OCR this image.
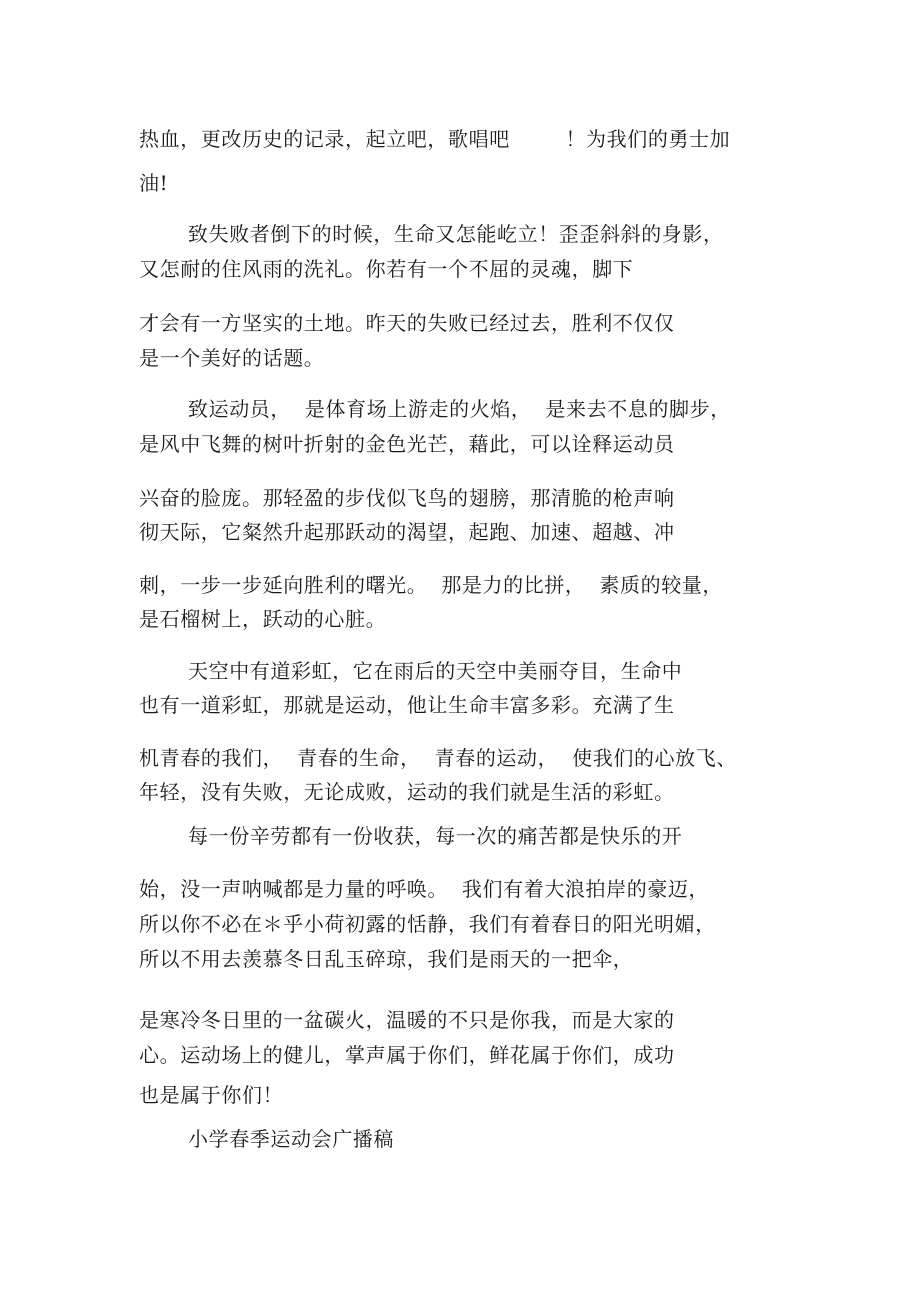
热血，更改历史的记录，起立吧，歌唱吧        ！为我们的勇士加
油!
致失败者倒下的时候，生命又怎能屹立！歪歪斜斜的身影，
又怎耐的住风雨的洗礼。你若有一个不屈的灵魂，脚下
才会有一方坚实的土地。昨天的失败已经过去，胜利不仅仅
是一个美好的话题。
致运动员，  是体育场上游走的火焰，  是来去不息的脚步，
是风中飞舞的树叶折射的金色光芒，藉此，可以诠释运动员
兴奋的脸庞。那轻盈的步伐似飞鸟的翅膀，那清脆的枪声响
彻天际，它粲然升起那跃动的渴望，起跑、加速、超越、冲
刺，一步一步延向胜利的曙光。  那是力的比拼，  素质的较量，
是石榴树上，跃动的心脏。
天空中有道彩虹，它在雨后的天空中美丽夺目，生命中
也有一道彩虹，那就是运动，他让生命丰富多彩。充满了生
机青春的我们，  青春的生命，  青春的运动，  使我们的心放飞、
年轻，没有失败，无论成败，运动的我们就是生活的彩虹。
每一份辛劳都有一份收获，每一次的痛苦都是快乐的开
始，没一声呐喊都是力量的呼唤。  我们有着大浪拍岸的豪迈，
所以你不必在＊乎小荷初露的恬静，我们有着春日的阳光明媚，
所以不用去羡慕冬日乱玉碎琼，我们是雨天的一把伞，
是寒冷冬日里的一盆碳火，温暖的不只是你我，而是大家的
心。运动场上的健儿，掌声属于你们，鲜花属于你们，成功
也是属于你们！
小学春季运动会广播稿
